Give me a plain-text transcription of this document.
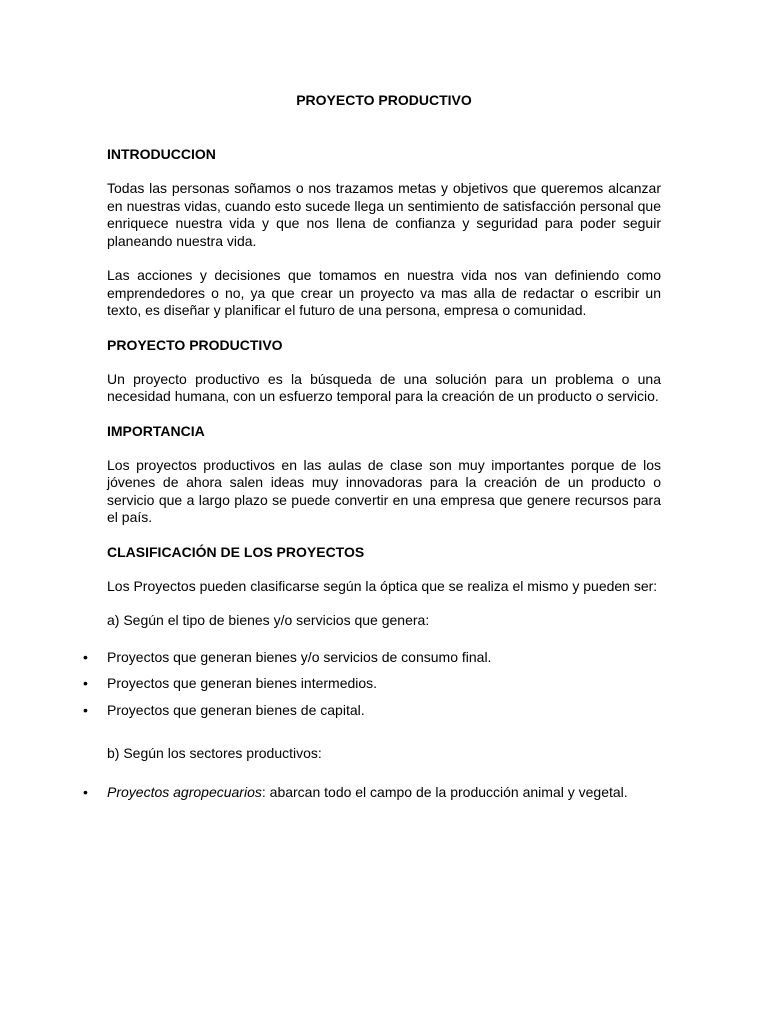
PROYECTO PRODUCTIVO
INTRODUCCION

Todas las personas soñamos o nos trazamos metas y objetivos que queremos alcanzar en nuestras vidas, cuando esto sucede llega un sentimiento de satisfacción personal que enriquece nuestra vida y que nos llena de confianza y seguridad para poder seguir planeando nuestra vida.

Las acciones y decisiones que tomamos en nuestra vida nos van definiendo como emprendedores o no, ya que crear un proyecto va mas alla de redactar o escribir un texto, es diseñar y planificar el futuro de una persona, empresa o comunidad.

PROYECTO PRODUCTIVO

Un proyecto productivo es la búsqueda de una solución para un problema o una necesidad humana, con un esfuerzo temporal para la creación de un producto o servicio.

IMPORTANCIA

Los proyectos productivos en las aulas de clase son muy importantes porque de los jóvenes de ahora salen ideas muy innovadoras para la creación de un producto o servicio que a largo plazo se puede convertir en una empresa que genere recursos para el país.

CLASIFICACIÓN DE LOS PROYECTOS

Los Proyectos pueden clasificarse según la óptica que se realiza el mismo y pueden ser:

a) Según el tipo de bienes y/o servicios que genera:

• Proyectos que generan bienes y/o servicios de consumo final.
• Proyectos que generan bienes intermedios.
• Proyectos que generan bienes de capital.

b) Según los sectores productivos:

• Proyectos agropecuarios: abarcan todo el campo de la producción animal y vegetal.
